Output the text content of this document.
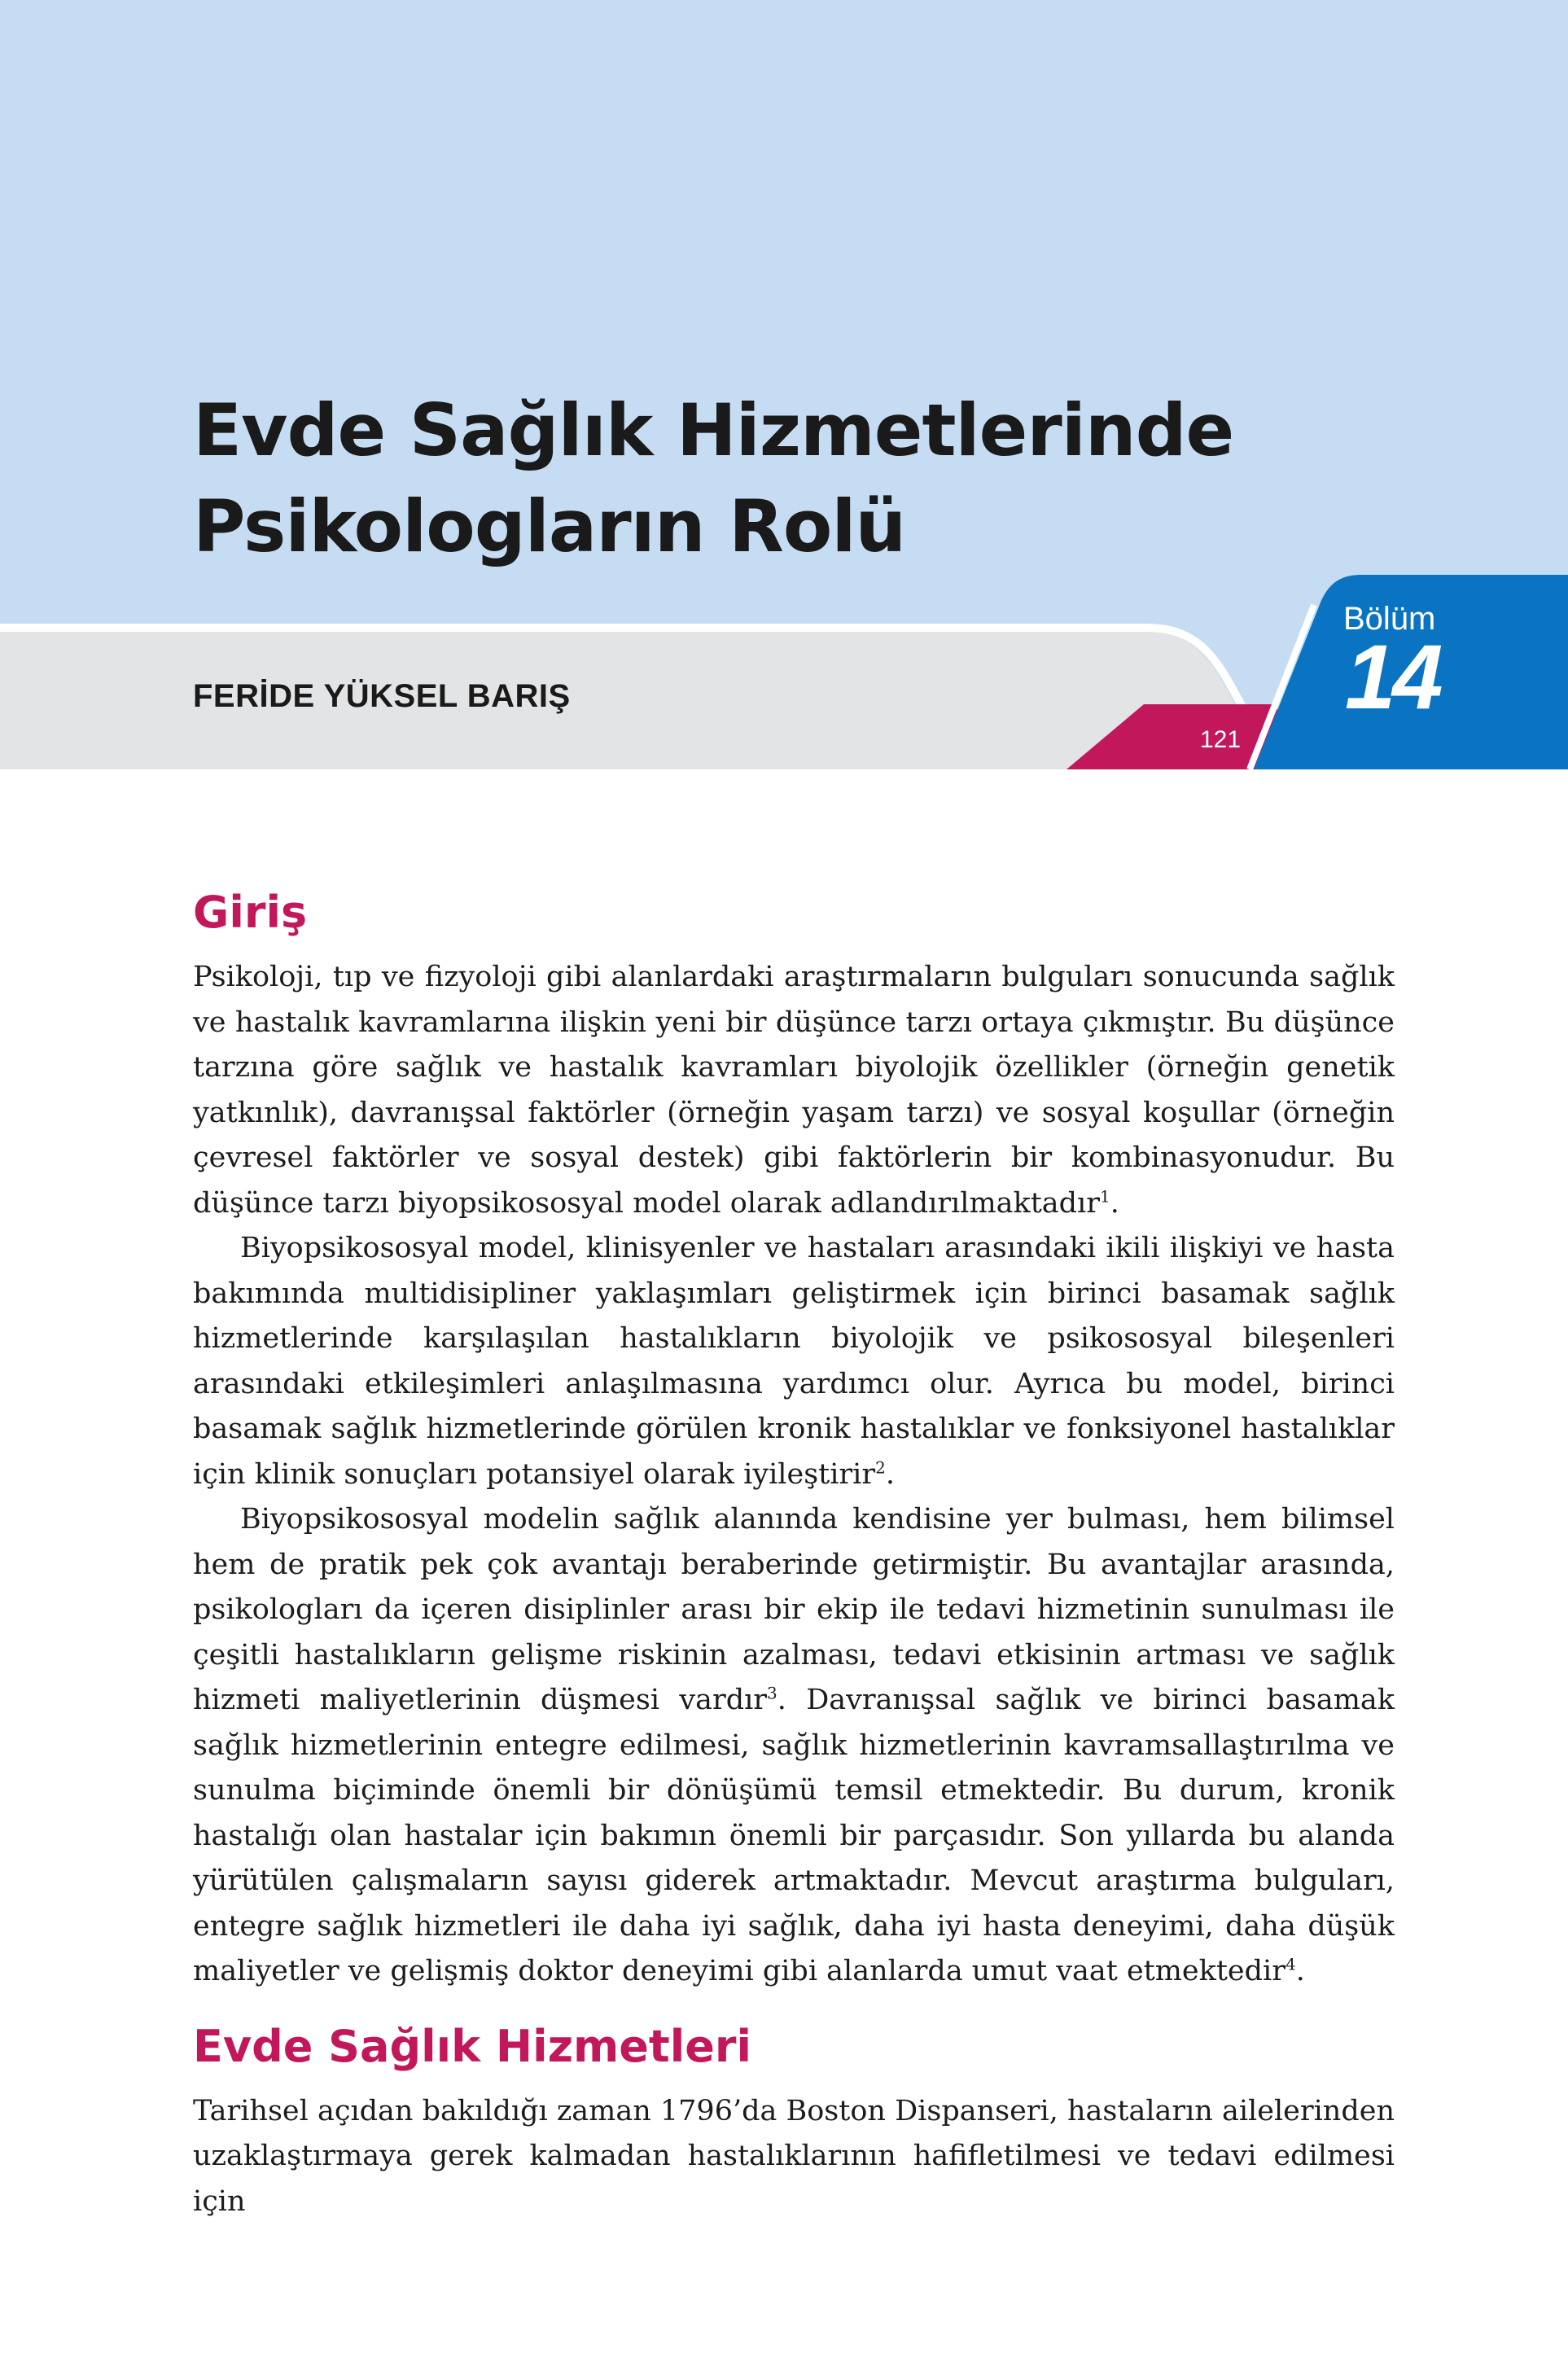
Evde Sağlık Hizmetlerinde
Psikologların Rolü
FERİDE YÜKSEL BARIŞ
Bölüm
14
121
Giriş

Psikoloji, tıp ve fizyoloji gibi alanlardaki araştırmaların bulguları sonucunda sağlık ve hastalık kavramlarına ilişkin yeni bir düşünce tarzı ortaya çıkmıştır. Bu düşünce tarzına göre sağlık ve hastalık kavramları biyolojik özellikler (örneğin genetik yatkınlık), davranışsal faktörler (örneğin yaşam tarzı) ve sosyal koşullar (örneğin çevresel faktörler ve sosyal destek) gibi faktörlerin bir kombinasyonudur. Bu düşünce tarzı biyopsikososyal model olarak adlandırılmaktadır$^1$.

Biyopsikososyal model, klinisyenler ve hastaları arasındaki ikili ilişkiyi ve hasta bakımında multidisipliner yaklaşımları geliştirmek için birinci basamak sağlık hizmetlerinde karşılaşılan hastalıkların biyolojik ve psikososyal bileşenleri arasındaki etkileşimleri anlaşılmasına yardımcı olur. Ayrıca bu model, birinci basamak sağlık hizmetlerinde görülen kronik hastalıklar ve fonksiyonel hastalıklar için klinik sonuçları potansiyel olarak iyileştirir$^2$.

Biyopsikososyal modelin sağlık alanında kendisine yer bulması, hem bilimsel hem de pratik pek çok avantajı beraberinde getirmiştir. Bu avantajlar arasında, psikologları da içeren disiplinler arası bir ekip ile tedavi hizmetinin sunulması ile çeşitli hastalıkların gelişme riskinin azalması, tedavi etkisinin artması ve sağlık hizmeti maliyetlerinin düşmesi vardır$^3$. Davranışsal sağlık ve birinci basamak sağlık hizmetlerinin entegre edilmesi, sağlık hizmetlerinin kavramsallaştırılma ve sunulma biçiminde önemli bir dönüşümü temsil etmektedir. Bu durum, kronik hastalığı olan hastalar için bakımın önemli bir parçasıdır. Son yıllarda bu alanda yürütülen çalışmaların sayısı giderek artmaktadır. Mevcut araştırma bulguları, entegre sağlık hizmetleri ile daha iyi sağlık, daha iyi hasta deneyimi, daha düşük maliyetler ve gelişmiş doktor deneyimi gibi alanlarda umut vaat etmektedir$^4$.

Evde Sağlık Hizmetleri

Tarihsel açıdan bakıldığı zaman 1796’da Boston Dispanseri, hastaların ailelerinden uzaklaştırmaya gerek kalmadan hastalıklarının hafifletilmesi ve tedavi edilmesi için
